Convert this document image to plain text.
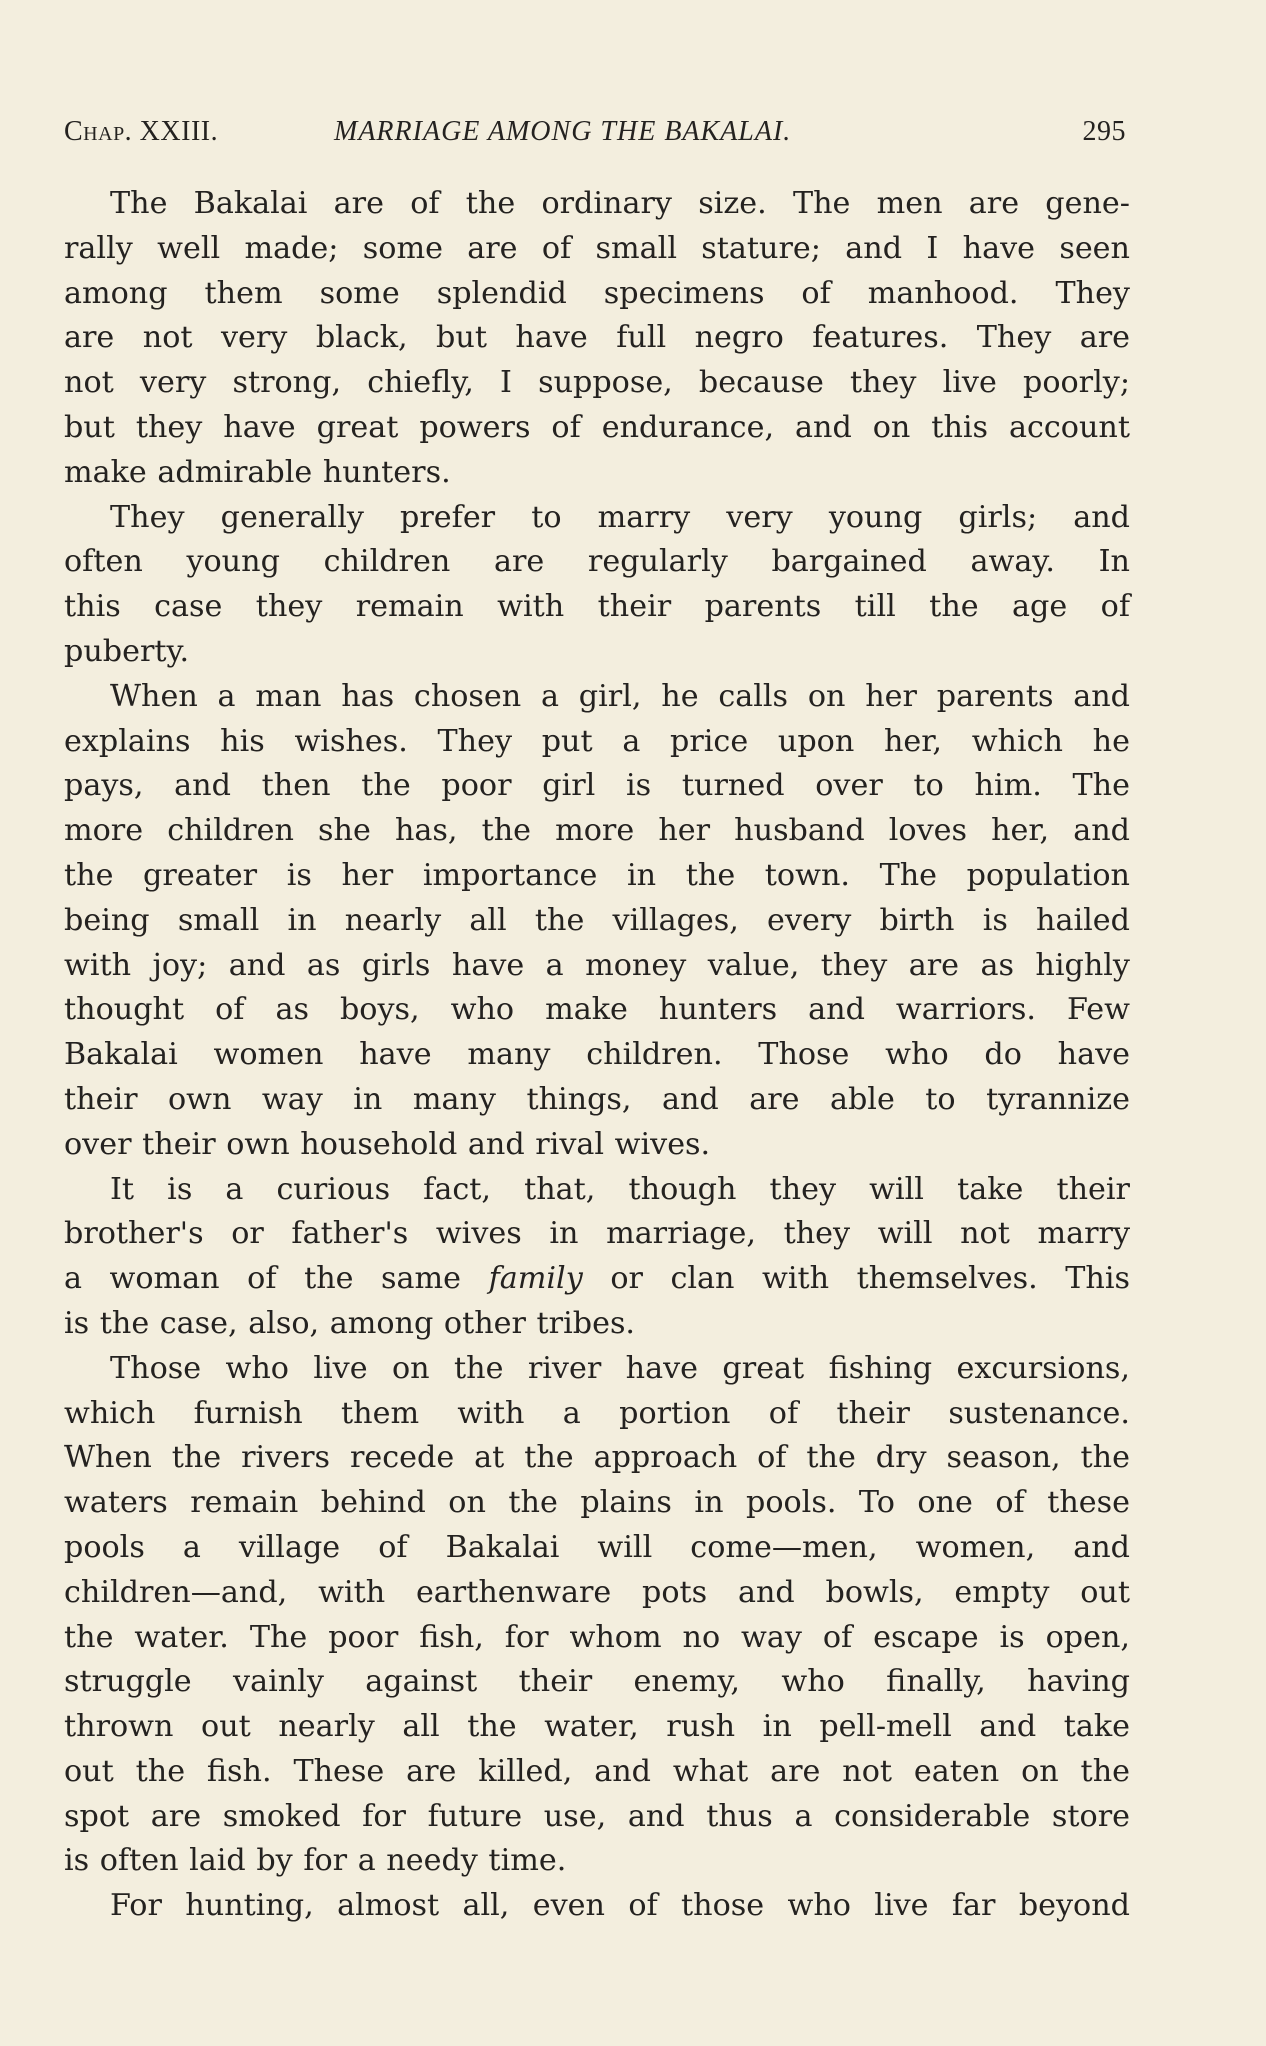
Chap. XXIII.	MARRIAGE AMONG THE BAKALAI.	295
The Bakalai are of the ordinary size. The men are gene-
rally well made; some are of small stature; and I have seen
among them some splendid specimens of manhood. They
are not very black, but have full negro features. They are
not very strong, chiefly, I suppose, because they live poorly;
but they have great powers of endurance, and on this account
make admirable hunters.
They generally prefer to marry very young girls; and
often young children are regularly bargained away. In
this case they remain with their parents till the age of
puberty.
When a man has chosen a girl, he calls on her parents and
explains his wishes. They put a price upon her, which he
pays, and then the poor girl is turned over to him. The
more children she has, the more her husband loves her, and
the greater is her importance in the town. The population
being small in nearly all the villages, every birth is hailed
with joy; and as girls have a money value, they are as highly
thought of as boys, who make hunters and warriors. Few
Bakalai women have many children. Those who do have
their own way in many things, and are able to tyrannize
over their own household and rival wives.
It is a curious fact, that, though they will take their
brother's or father's wives in marriage, they will not marry
a woman of the same family or clan with themselves. This
is the case, also, among other tribes.
Those who live on the river have great fishing excursions,
which furnish them with a portion of their sustenance.
When the rivers recede at the approach of the dry season, the
waters remain behind on the plains in pools. To one of these
pools a village of Bakalai will come—men, women, and
children—and, with earthenware pots and bowls, empty out
the water. The poor fish, for whom no way of escape is open,
struggle vainly against their enemy, who finally, having
thrown out nearly all the water, rush in pell-mell and take
out the fish. These are killed, and what are not eaten on the
spot are smoked for future use, and thus a considerable store
is often laid by for a needy time.
For hunting, almost all, even of those who live far beyond
